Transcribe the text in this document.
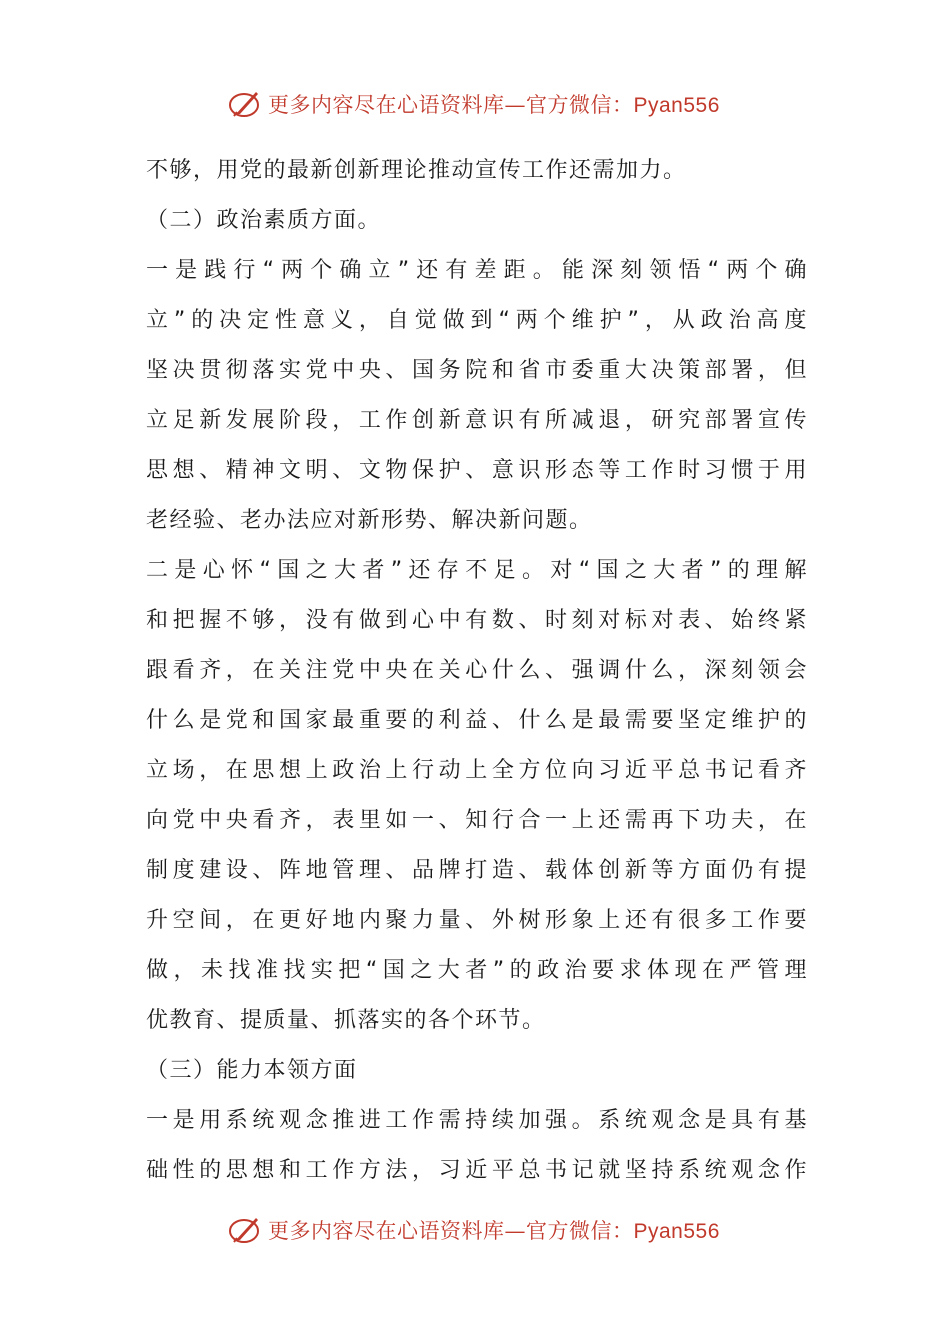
更多内容尽在心语资料库—官方微信：Pyan556
不够，用党的最新创新理论推动宣传工作还需加力。
（二）政治素质方面。
一是践行“两个确立”还有差距。能深刻领悟“两个确
立”的决定性意义，自觉做到“两个维护”，从政治高度
坚决贯彻落实党中央、国务院和省市委重大决策部署，但
立足新发展阶段，工作创新意识有所减退，研究部署宣传
思想、精神文明、文物保护、意识形态等工作时习惯于用
老经验、老办法应对新形势、解决新问题。
二是心怀“国之大者”还存不足。对“国之大者”的理解
和把握不够，没有做到心中有数、时刻对标对表、始终紧
跟看齐，在关注党中央在关心什么、强调什么，深刻领会
什么是党和国家最重要的利益、什么是最需要坚定维护的
立场，在思想上政治上行动上全方位向习近平总书记看齐
向党中央看齐，表里如一、知行合一上还需再下功夫，在
制度建设、阵地管理、品牌打造、载体创新等方面仍有提
升空间，在更好地内聚力量、外树形象上还有很多工作要
做，未找准找实把“国之大者”的政治要求体现在严管理
优教育、提质量、抓落实的各个环节。
（三）能力本领方面
一是用系统观念推进工作需持续加强。系统观念是具有基
础性的思想和工作方法，习近平总书记就坚持系统观念作
更多内容尽在心语资料库—官方微信：Pyan556
